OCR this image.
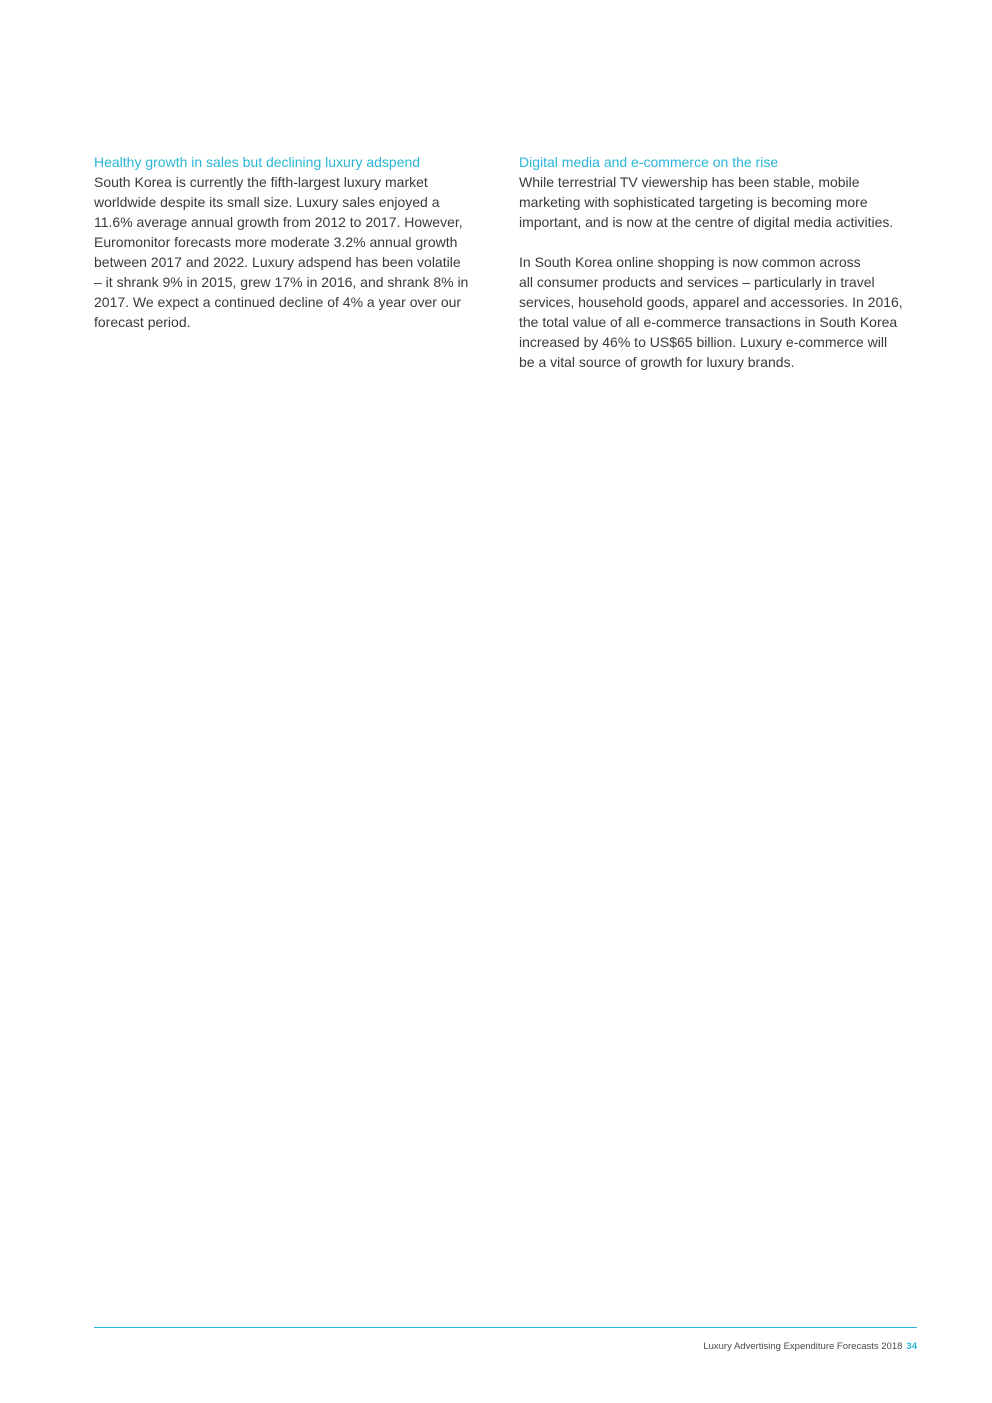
Healthy growth in sales but declining luxury adspend

South Korea is currently the fifth-largest luxury market
worldwide despite its small size. Luxury sales enjoyed a
11.6% average annual growth from 2012 to 2017. However,
Euromonitor forecasts more moderate 3.2% annual growth
between 2017 and 2022. Luxury adspend has been volatile
– it shrank 9% in 2015, grew 17% in 2016, and shrank 8% in
2017. We expect a continued decline of 4% a year over our
forecast period.

Digital media and e-commerce on the rise

While terrestrial TV viewership has been stable, mobile
marketing with sophisticated targeting is becoming more
important, and is now at the centre of digital media activities.

In South Korea online shopping is now common across
all consumer products and services – particularly in travel
services, household goods, apparel and accessories. In 2016,
the total value of all e-commerce transactions in South Korea
increased by 46% to US$65 billion. Luxury e-commerce will
be a vital source of growth for luxury brands.

Luxury Advertising Expenditure Forecasts 2018 34
